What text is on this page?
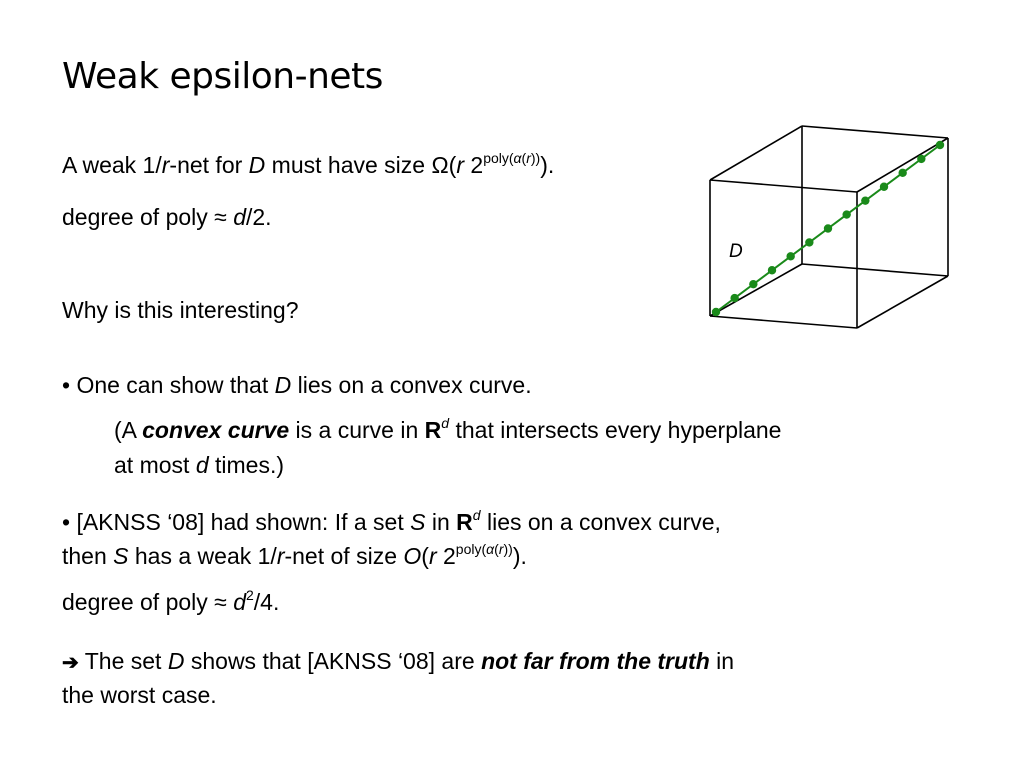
Weak epsilon-nets
A weak 1/r-net for D must have size Ω(r $2^{poly(\alpha(r))}$).
degree of poly ≈ d/2.
Why is this interesting?
• One can show that D lies on a convex curve.
(A convex curve is a curve in $R^d$ that intersects every hyperplane
at most d times.)
• [AKNSS ‘08] had shown: If a set S in $R^d$ lies on a convex curve,
then S has a weak 1/r-net of size O(r $2^{poly(\alpha(r))}$).
degree of poly ≈ $d^2/4$.
➔ The set D shows that [AKNSS ‘08] are not far from the truth in
the worst case.
D
